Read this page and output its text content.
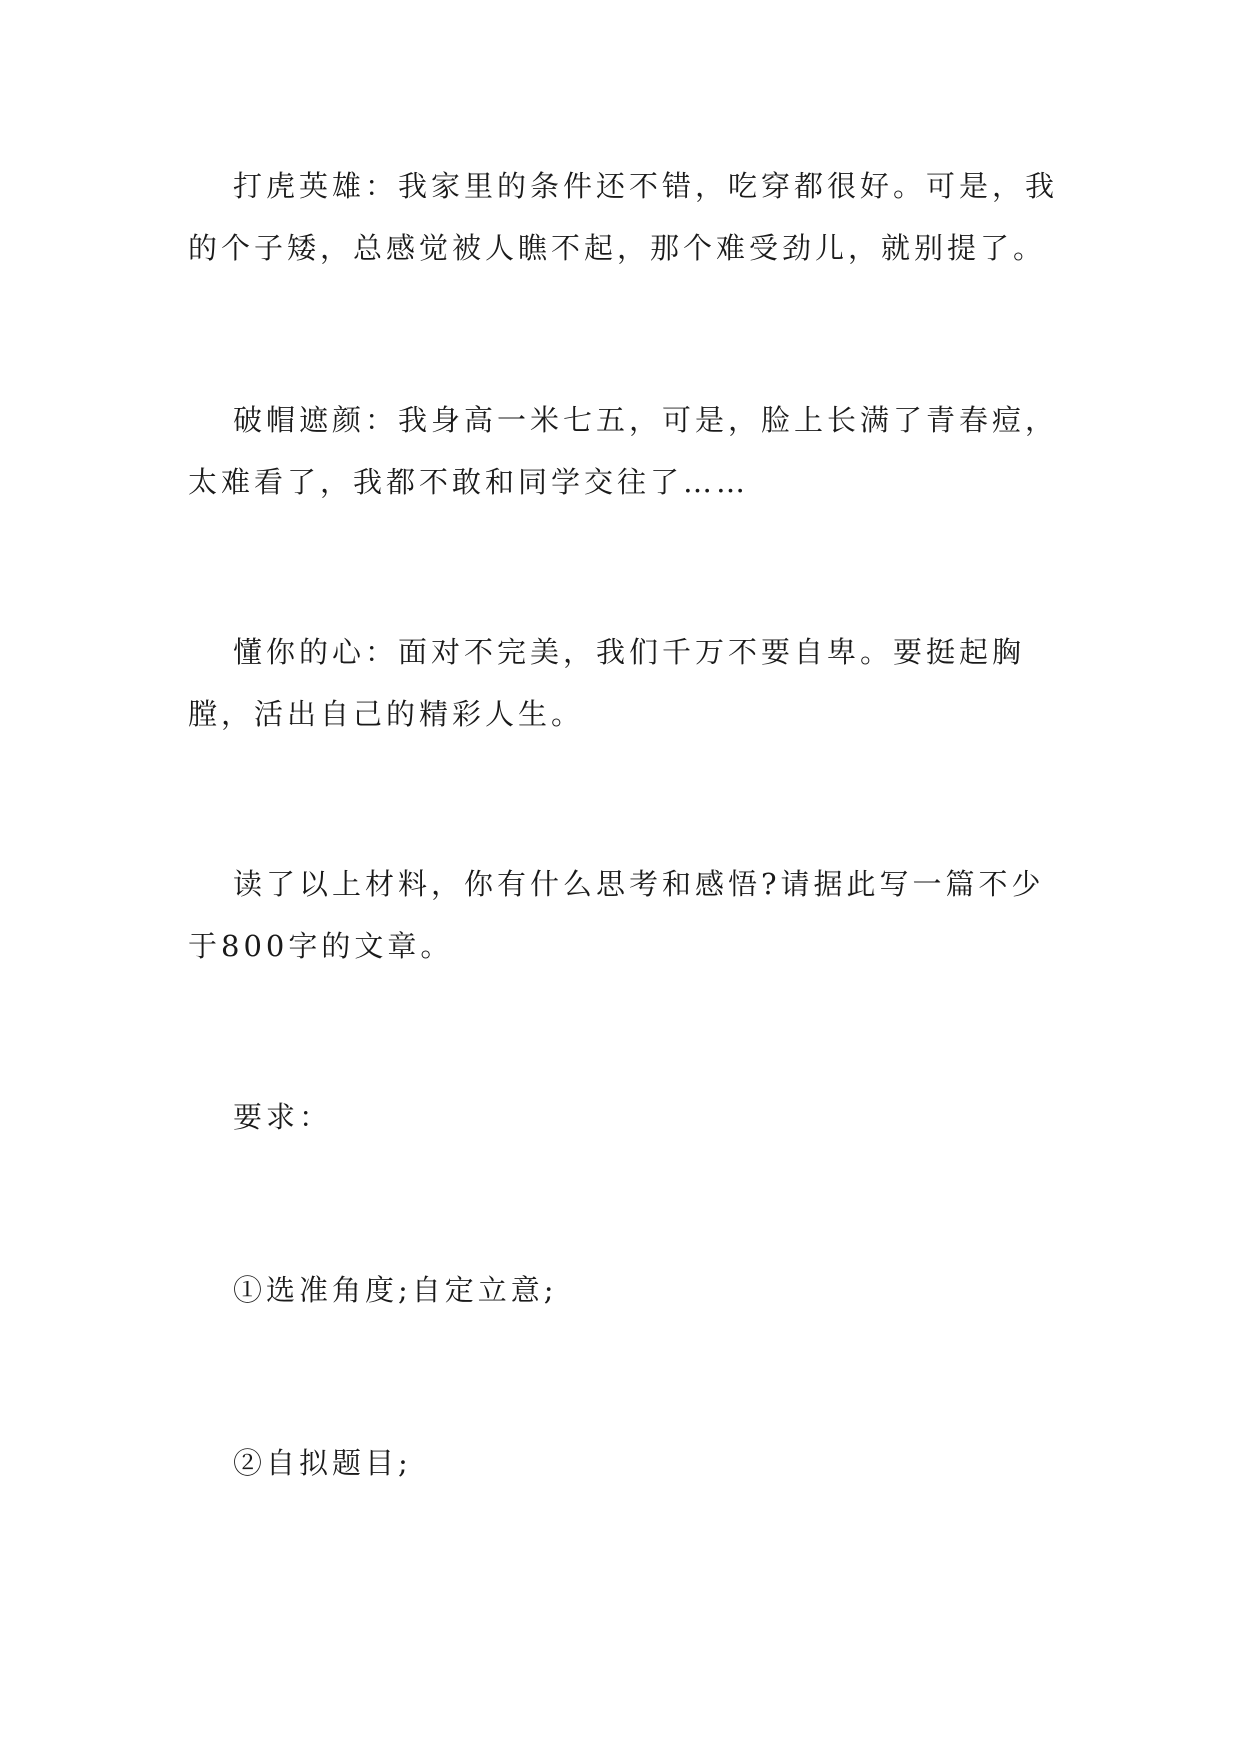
打虎英雄：我家里的条件还不错，吃穿都很好。可是，我的个子矮，总感觉被人瞧不起，那个难受劲儿，就别提了。

破帽遮颜：我身高一米七五，可是，脸上长满了青春痘，太难看了，我都不敢和同学交往了……

懂你的心：面对不完美，我们千万不要自卑。要挺起胸膛，活出自己的精彩人生。

读了以上材料，你有什么思考和感悟?请据此写一篇不少于800字的文章。

要求：

①选准角度;自定立意;

②自拟题目;
